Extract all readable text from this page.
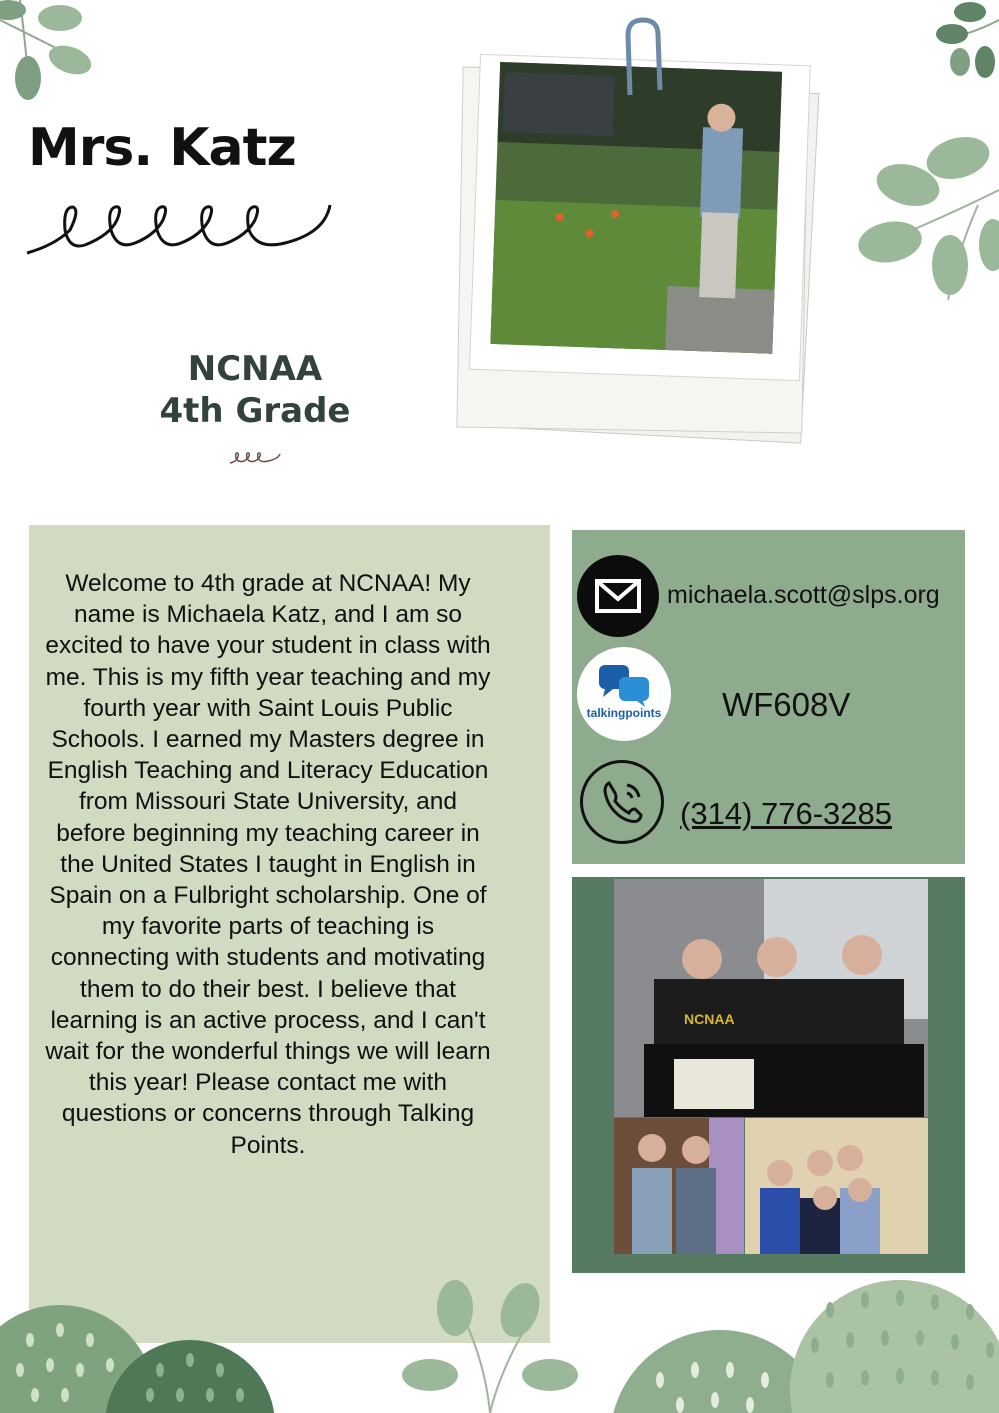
Mrs. Katz
NCNAA
4th Grade
Welcome to 4th grade at NCNAA! My name is Michaela Katz, and I am so excited to have your student in class with me. This is my fifth year teaching and my fourth year with Saint Louis Public Schools. I earned my Masters degree in English Teaching and Literacy Education from Missouri State University, and before beginning my teaching career in the United States I taught in English in Spain on a Fulbright scholarship. One of my favorite parts of teaching is connecting with students and motivating them to do their best. I believe that learning is an active process, and I can't wait for the wonderful things we will learn this year! Please contact me with questions or concerns through Talking Points.
michaela.scott@slps.org
talkingpoints WF608V
(314) 776-3285
NCNAA
